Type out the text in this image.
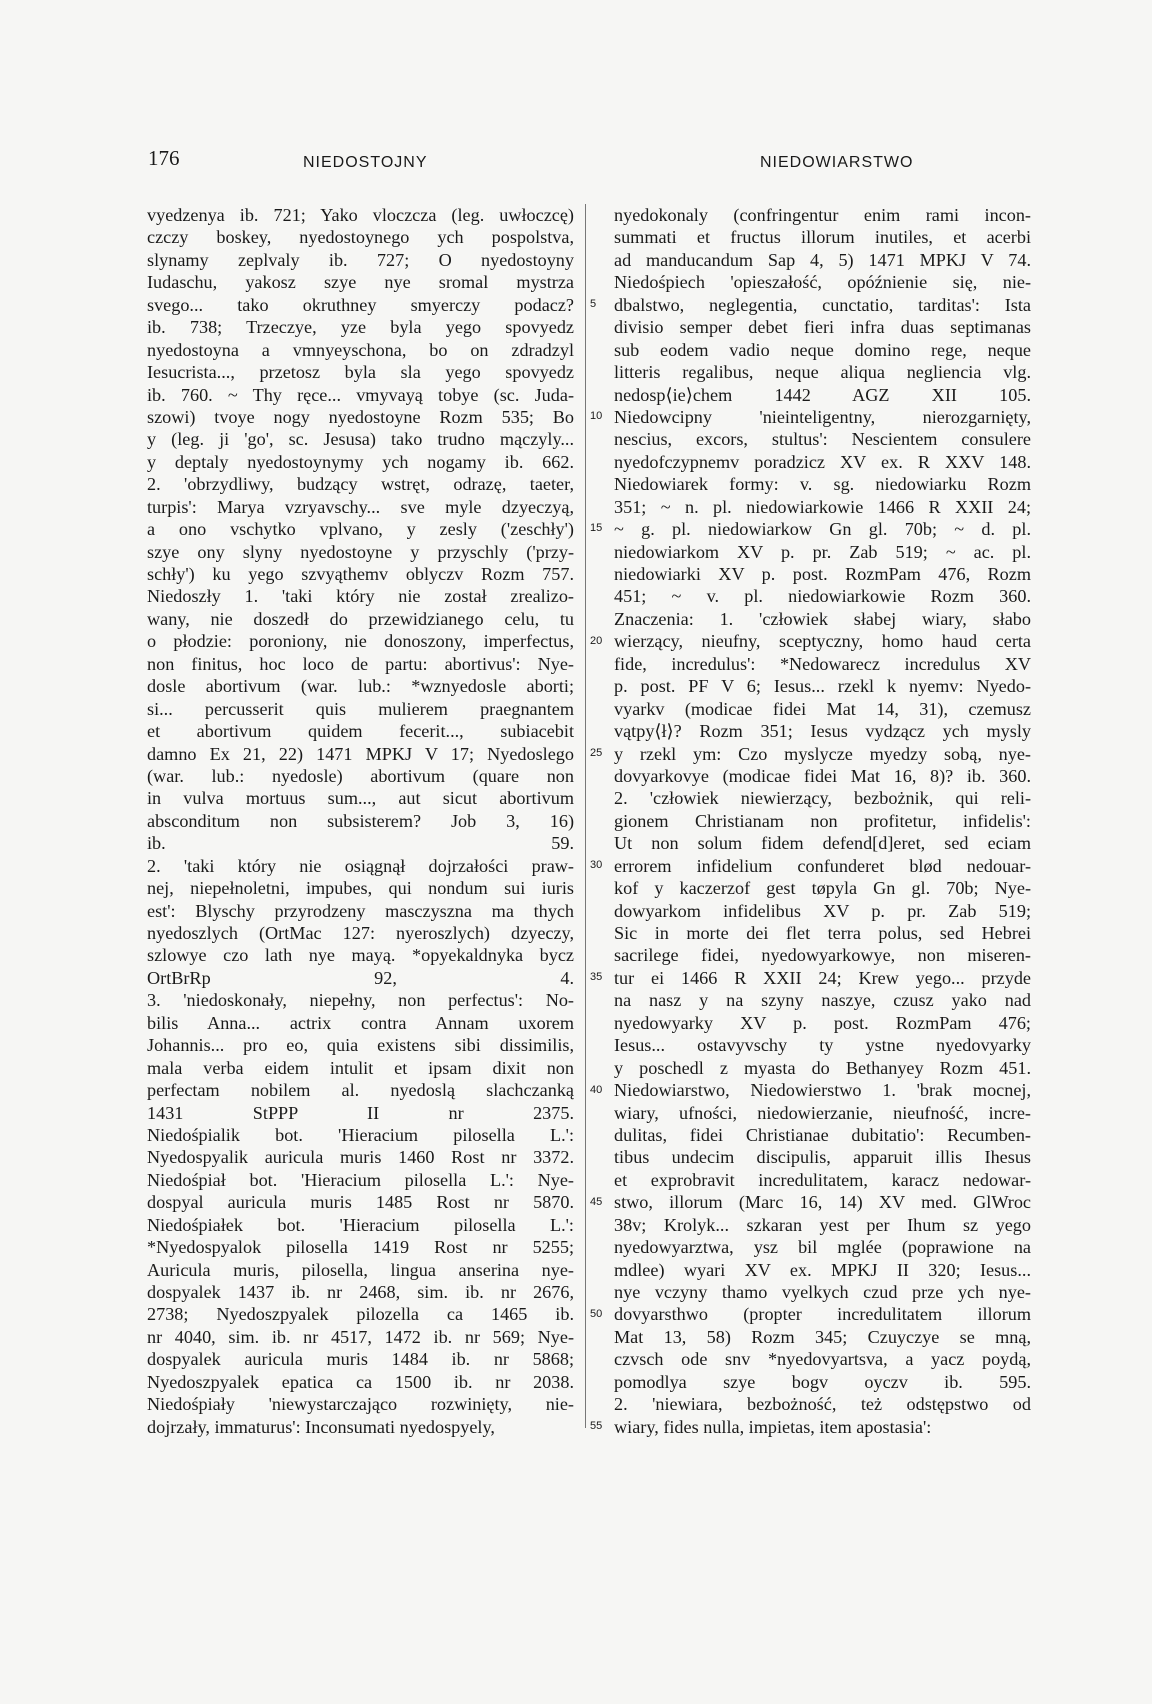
176	NIEDOSTOJNY	NIEDOWIARSTWO
vyedzenya ib. 721; Yako vloczcza (leg. uwłoczcę)
czczy boskey, nyedostoynego ych pospolstva,
slynamy zeplvaly ib. 727; O nyedostoyny
Iudaschu, yakosz szye nye sromal mystrza
svego... tako okruthney smyerczy podacz?
ib. 738; Trzeczye, yze byla yego spovyedz
nyedostoyna a vmnyeyschona, bo on zdradzyl
Iesucrista..., przetosz byla sla yego spovyedz
ib. 760. ~ Thy ręce... vmyvayą tobye (sc. Juda-
szowi) tvoye nogy nyedostoyne Rozm 535; Bo
y (leg. ji 'go', sc. Jesusa) tako trudno mączyly...
y deptaly nyedostoynymy ych nogamy ib. 662.
2. 'obrzydliwy, budzący wstręt, odrazę, taeter,
turpis': Marya vzryavschy... sve myle dzyeczyą,
a ono vschytko vplvano, y zesly ('zeschły')
szye ony slyny nyedostoyne y przyschly ('przy-
schły') ku yego szvyąthemv oblyczv Rozm 757.
Niedoszły 1. 'taki który nie został zrealizo-
wany, nie doszedł do przewidzianego celu, tu
o płodzie: poroniony, nie donoszony, imperfectus,
non finitus, hoc loco de partu: abortivus': Nye-
dosle abortivum (war. lub.: *wznyedosle aborti;
si... percusserit quis mulierem praegnantem
et abortivum quidem fecerit..., subiacebit
damno Ex 21, 22) 1471 MPKJ V 17; Nyedoslego
(war. lub.: nyedosle) abortivum (quare non
in vulva mortuus sum..., aut sicut abortivum
absconditum non subsisterem? Job 3, 16)
ib. 59.
2. 'taki który nie osiągnął dojrzałości praw-
nej, niepełnoletni, impubes, qui nondum sui iuris
est': Blyschy przyrodzeny masczyszna ma thych
nyedoszlych (OrtMac 127: nyeroszlych) dzyeczy,
szlowye czo lath nye mayą. *opyekaldnyka bycz
OrtBrRp 92, 4.
3. 'niedoskonały, niepełny, non perfectus': No-
bilis Anna... actrix contra Annam uxorem
Johannis... pro eo, quia existens sibi dissimilis,
mala verba eidem intulit et ipsam dixit non
perfectam nobilem al. nyedoslą slachczanką
1431 StPPP II nr 2375.
Niedośpialik bot. 'Hieracium pilosella L.':
Nyedospyalik auricula muris 1460 Rost nr 3372.
Niedośpiał bot. 'Hieracium pilosella L.': Nye-
dospyal auricula muris 1485 Rost nr 5870.
Niedośpiałek bot. 'Hieracium pilosella L.':
*Nyedospyalok pilosella 1419 Rost nr 5255;
Auricula muris, pilosella, lingua anserina nye-
dospyalek 1437 ib. nr 2468, sim. ib. nr 2676,
2738; Nyedoszpyalek pilozella ca 1465 ib.
nr 4040, sim. ib. nr 4517, 1472 ib. nr 569; Nye-
dospyalek auricula muris 1484 ib. nr 5868;
Nyedoszpyalek epatica ca 1500 ib. nr 2038.
Niedośpiały 'niewystarczająco rozwinięty, nie-
dojrzały, immaturus': Inconsumati nyedospyely,
5
10
15
20
25
30
35
40
45
50
55
nyedokonaly (confringentur enim rami incon-
summati et fructus illorum inutiles, et acerbi
ad manducandum Sap 4, 5) 1471 MPKJ V 74.
Niedośpiech 'opieszałość, opóźnienie się, nie-
dbalstwo, neglegentia, cunctatio, tarditas': Ista
divisio semper debet fieri infra duas septimanas
sub eodem vadio neque domino rege, neque
litteris regalibus, neque aliqua negliencia vlg.
nedosp⟨ie⟩chem 1442 AGZ XII 105.
Niedowcipny 'nieinteligentny, nierozgarnięty,
nescius, excors, stultus': Nescientem consulere
nyedofczypnemv poradzicz XV ex. R XXV 148.
Niedowiarek formy: v. sg. niedowiarku Rozm
351; ~ n. pl. niedowiarkowie 1466 R XXII 24;
~ g. pl. niedowiarkow Gn gl. 70b; ~ d. pl.
niedowiarkom XV p. pr. Zab 519; ~ ac. pl.
niedowiarki XV p. post. RozmPam 476, Rozm
451; ~ v. pl. niedowiarkowie Rozm 360.
Znaczenia: 1. 'człowiek słabej wiary, słabo
wierzący, nieufny, sceptyczny, homo haud certa
fide, incredulus': *Nedowarecz incredulus XV
p. post. PF V 6; Iesus... rzekl k nyemv: Nyedo-
vyarkv (modicae fidei Mat 14, 31), czemusz
vątpy⟨ł⟩? Rozm 351; Iesus vydzącz ych mysly
y rzekl ym: Czo myslycze myedzy sobą, nye-
dovyarkovye (modicae fidei Mat 16, 8)? ib. 360.
2. 'człowiek niewierzący, bezbożnik, qui reli-
gionem Christianam non profitetur, infidelis':
Ut non solum fidem defend[d]eret, sed eciam
errorem infidelium confunderet blød nedouar-
kof y kaczerzof gest tøpyla Gn gl. 70b; Nye-
dowyarkom infidelibus XV p. pr. Zab 519;
Sic in morte dei flet terra polus, sed Hebrei
sacrilege fidei, nyedowyarkowye, non miseren-
tur ei 1466 R XXII 24; Krew yego... przyde
na nasz y na szyny naszye, czusz yako nad
nyedowyarky XV p. post. RozmPam 476;
Iesus... ostavyvschy ty ystne nyedovyarky
y poschedl z myasta do Bethanyey Rozm 451.
Niedowiarstwo, Niedowierstwo 1. 'brak mocnej,
wiary, ufności, niedowierzanie, nieufność, incre-
dulitas, fidei Christianae dubitatio': Recumben-
tibus undecim discipulis, apparuit illis Ihesus
et exprobravit incredulitatem, karacz nedowar-
stwo, illorum (Marc 16, 14) XV med. GlWroc
38v; Krolyk... szkaran yest per Ihum sz yego
nyedowyarztwa, ysz bil mglée (poprawione na
mdlee) wyari XV ex. MPKJ II 320; Iesus...
nye vczyny thamo vyelkych czud prze ych nye-
dovyarsthwo (propter incredulitatem illorum
Mat 13, 58) Rozm 345; Czuyczye se mną,
czvsch ode snv *nyedovyartsva, a yacz poydą,
pomodlya szye bogv oyczv ib. 595.
2. 'niewiara, bezbożność, też odstępstwo od
wiary, fides nulla, impietas, item apostasia':
